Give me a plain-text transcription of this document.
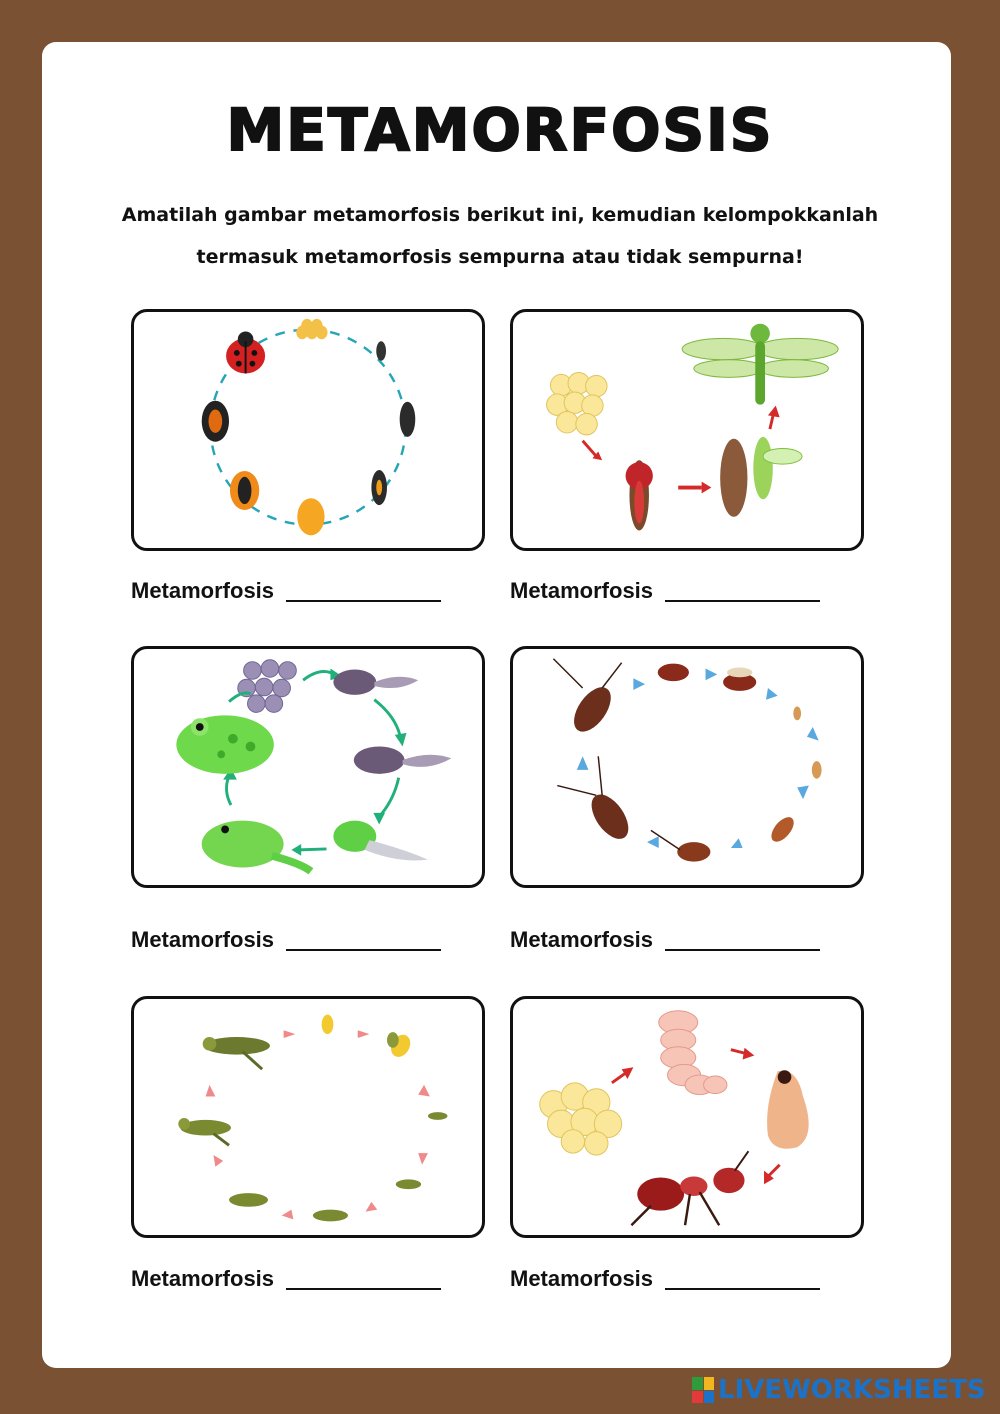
METAMORFOSIS
Amatilah gambar metamorfosis berikut ini, kemudian kelompokkanlah
termasuk metamorfosis sempurna atau tidak sempurna!
Metamorfosis	Metamorfosis
Metamorfosis	Metamorfosis
Metamorfosis	Metamorfosis
LIVEWORKSHEETS
